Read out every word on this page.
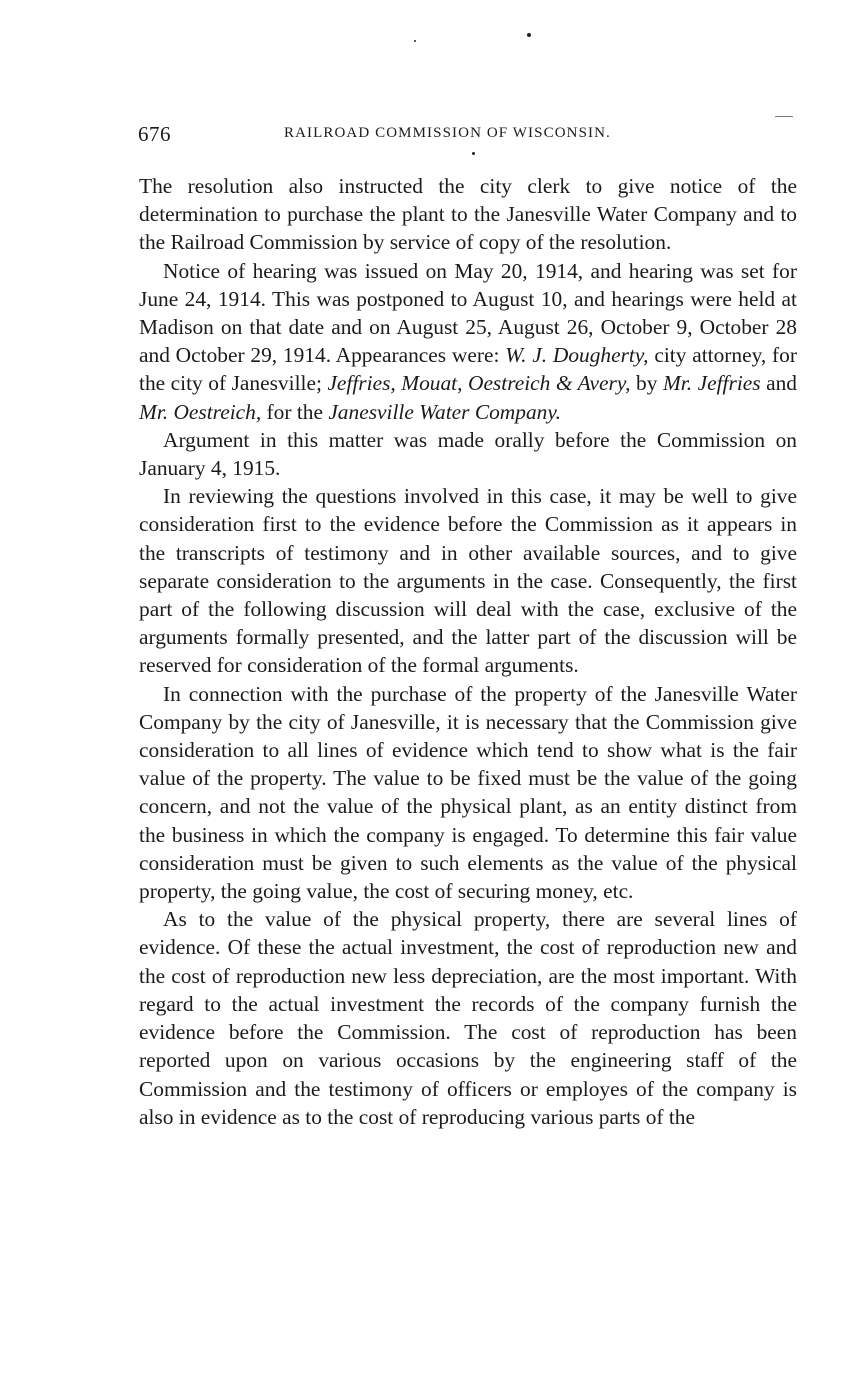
676	RAILROAD COMMISSION OF WISCONSIN.

The resolution also instructed the city clerk to give notice of the determination to purchase the plant to the Janesville Water Company and to the Railroad Commission by service of copy of the resolution.

Notice of hearing was issued on May 20, 1914, and hearing was set for June 24, 1914. This was postponed to August 10, and hearings were held at Madison on that date and on August 25, August 26, October 9, October 28 and October 29, 1914. Appearances were: W. J. Dougherty, city attorney, for the city of Janesville; Jeffries, Mouat, Oestreich & Avery, by Mr. Jeffries and Mr. Oestreich, for the Janesville Water Company.

Argument in this matter was made orally before the Commission on January 4, 1915.

In reviewing the questions involved in this case, it may be well to give consideration first to the evidence before the Commission as it appears in the transcripts of testimony and in other available sources, and to give separate consideration to the arguments in the case. Consequently, the first part of the following discussion will deal with the case, exclusive of the arguments formally presented, and the latter part of the discussion will be reserved for consideration of the formal arguments.

In connection with the purchase of the property of the Janesville Water Company by the city of Janesville, it is necessary that the Commission give consideration to all lines of evidence which tend to show what is the fair value of the property. The value to be fixed must be the value of the going concern, and not the value of the physical plant, as an entity distinct from the business in which the company is engaged. To determine this fair value consideration must be given to such elements as the value of the physical property, the going value, the cost of securing money, etc.

As to the value of the physical property, there are several lines of evidence. Of these the actual investment, the cost of reproduction new and the cost of reproduction new less depreciation, are the most important. With regard to the actual investment the records of the company furnish the evidence before the Commission. The cost of reproduction has been reported upon on various occasions by the engineering staff of the Commission and the testimony of officers or employes of the company is also in evidence as to the cost of reproducing various parts of the
